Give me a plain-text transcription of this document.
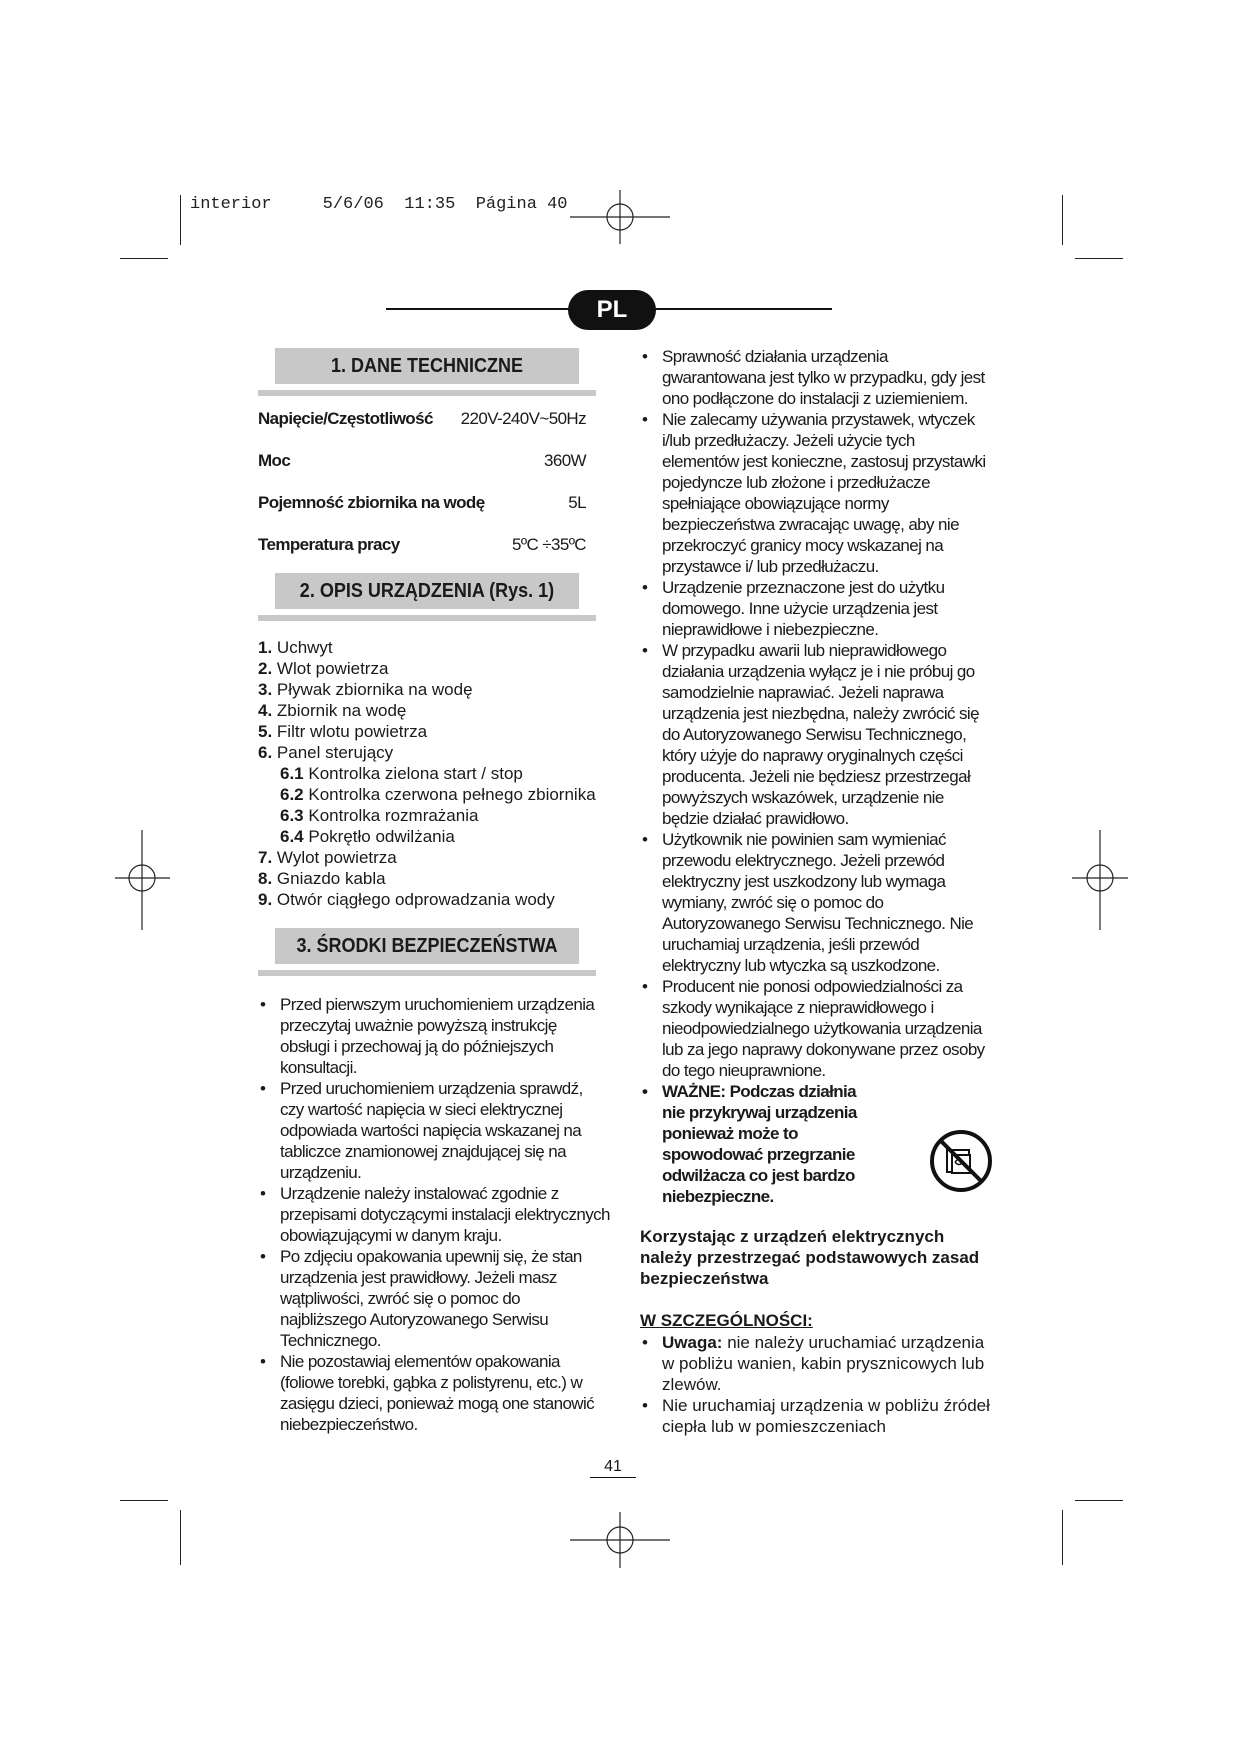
interior	5/6/06 11:35 Página 40
PL
1. DANE TECHNICZNE
Napięcie/Częstotliwość 220V-240V~50Hz
Moc	360W
Pojemność zbiornika na wodę	5L
Temperatura pracy	5ºC ÷35ºC
2. OPIS URZĄDZENIA (Rys. 1)
1. Uchwyt
2. Wlot powietrza
3. Pływak zbiornika na wodę
4. Zbiornik na wodę
5. Filtr wlotu powietrza
6. Panel sterujący
6.1 Kontrolka zielona start / stop
6.2 Kontrolka czerwona pełnego zbiornika
6.3 Kontrolka rozmrażania
6.4 Pokrętło odwilżania
7. Wylot powietrza
8. Gniazdo kabla
9. Otwór ciągłego odprowadzania wody
3. ŚRODKI BEZPIECZEŃSTWA
• Przed pierwszym uruchomieniem urządzenia przeczytaj uważnie powyższą instrukcję obsługi i przechowaj ją do późniejszych konsultacji.
• Przed uruchomieniem urządzenia sprawdź, czy wartość napięcia w sieci elektrycznej odpowiada wartości napięcia wskazanej na tabliczce znamionowej znajdującej się na urządzeniu.
• Urządzenie należy instalować zgodnie z przepisami dotyczącymi instalacji elektrycznych obowiązującymi w danym kraju.
• Po zdjęciu opakowania upewnij się, że stan urządzenia jest prawidłowy. Jeżeli masz wątpliwości, zwróć się o pomoc do najbliższego Autoryzowanego Serwisu Technicznego.
• Nie pozostawiaj elementów opakowania (foliowe torebki, gąbka z polistyrenu, etc.) w zasięgu dzieci, ponieważ mogą one stanowić niebezpieczeństwo.
• Sprawność działania urządzenia gwarantowana jest tylko w przypadku, gdy jest ono podłączone do instalacji z uziemieniem.
• Nie zalecamy używania przystawek, wtyczek i/lub przedłużaczy. Jeżeli użycie tych elementów jest konieczne, zastosuj przystawki pojedyncze lub złożone i przedłużacze spełniające obowiązujące normy bezpieczeństwa zwracając uwagę, aby nie przekroczyć granicy mocy wskazanej na przystawce i/ lub przedłużaczu.
• Urządzenie przeznaczone jest do użytku domowego. Inne użycie urządzenia jest nieprawidłowe i niebezpieczne.
• W przypadku awarii lub nieprawidłowego działania urządzenia wyłącz je i nie próbuj go samodzielnie naprawiać. Jeżeli naprawa urządzenia jest niezbędna, należy zwrócić się do Autoryzowanego Serwisu Technicznego, który użyje do naprawy oryginalnych części producenta. Jeżeli nie będziesz przestrzegał powyższych wskazówek, urządzenie nie będzie działać prawidłowo.
• Użytkownik nie powinien sam wymieniać przewodu elektrycznego. Jeżeli przewód elektryczny jest uszkodzony lub wymaga wymiany, zwróć się o pomoc do Autoryzowanego Serwisu Technicznego. Nie uruchamiaj urządzenia, jeśli przewód elektryczny lub wtyczka są uszkodzone.
• Producent nie ponosi odpowiedzialności za szkody wynikające z nieprawidłowego i nieodpowiedzialnego użytkowania urządzenia lub za jego naprawy dokonywane przez osoby do tego nieuprawnione.
• WAŻNE: Podczas działnia nie przykrywaj urządzenia ponieważ może to spowodować przegrzanie odwilżacza co jest bardzo niebezpieczne.
Korzystając z urządzeń elektrycznych należy przestrzegać podstawowych zasad bezpieczeństwa
W SZCZEGÓLNOŚCI:
• Uwaga: nie należy uruchamiać urządzenia w pobliżu wanien, kabin prysznicowych lub zlewów.
• Nie uruchamiaj urządzenia w pobliżu źródeł ciepła lub w pomieszczeniach
41
